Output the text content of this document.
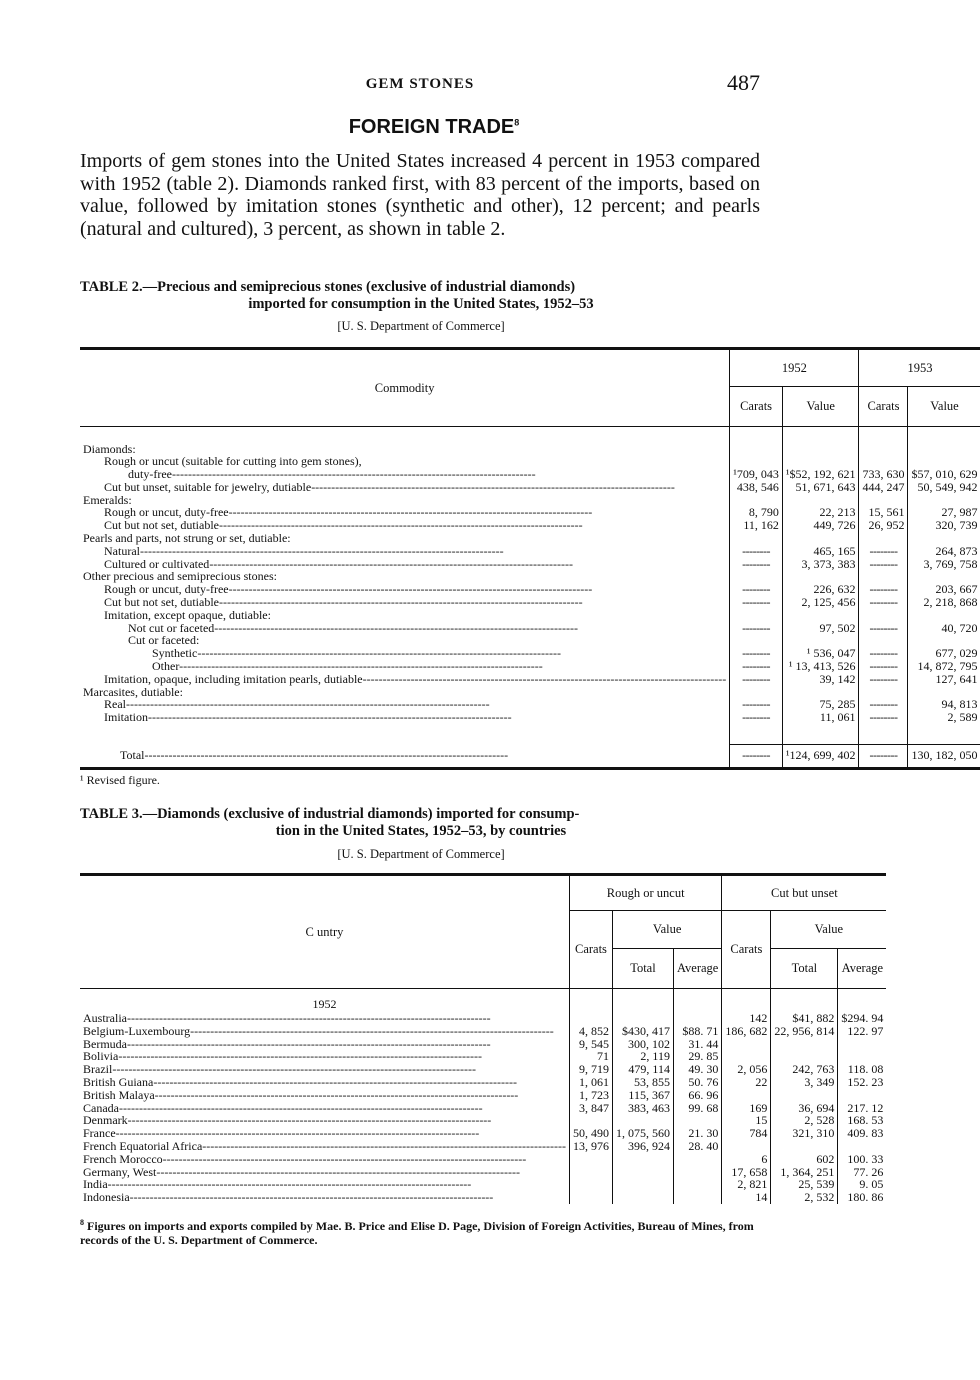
GEM STONES	487
FOREIGN TRADE$^8$
Imports of gem stones into the United States increased 4 percent in 1953 compared with 1952 (table 2). Diamonds ranked first, with 83 percent of the imports, based on value, followed by imitation stones (synthetic and other), 12 percent; and pearls (natural and cultured), 3 percent, as shown in table 2.
TABLE 2.—Precious and semiprecious stones (exclusive of industrial diamonds)
imported for consumption in the United States, 1952–53
[U. S. Department of Commerce]
Commodity	1952		1953	
	Carats	Value	Carats	Value

Diamonds:				
Rough or uncut (suitable for cutting into gem stones),				
duty-free -----	¹709, 043	¹$52, 192, 621	733, 630	$57, 010, 629
Cut but unset, suitable for jewelry, dutiable -----	438, 546	51, 671, 643	444, 247	50, 549, 942
Emeralds:				
Rough or uncut, duty-free -----	8, 790	22, 213	15, 561	27, 987
Cut but not set, dutiable -----	11, 162	449, 726	26, 952	320, 739
Pearls and parts, not strung or set, dutiable:				
Natural -----	--------	465, 165	--------	264, 873
Cultured or cultivated -----	--------	3, 373, 383	--------	3, 769, 758
Other precious and semiprecious stones:				
Rough or uncut, duty-free -----	--------	226, 632	--------	203, 667
Cut but not set, dutiable -----	--------	2, 125, 456	--------	2, 218, 868
Imitation, except opaque, dutiable:				
Not cut or faceted -----	--------	97, 502	--------	40, 720
Cut or faceted:				
Synthetic -----	--------	¹ 536, 047	--------	677, 029
Other -----	--------	¹ 13, 413, 526	--------	14, 872, 795
Imitation, opaque, including imitation pearls, dutiable -----	--------	39, 142	--------	127, 641
Marcasites, dutiable:				
Real -----	--------	75, 285	--------	94, 813
Imitation -----	--------	11, 061	--------	2, 589

Total -----	--------	¹124, 699, 402	--------	130, 182, 050
¹ Revised figure.
TABLE 3.—Diamonds (exclusive of industrial diamonds) imported for consump-
tion in the United States, 1952–53, by countries
[U. S. Department of Commerce]
C untry	Rough or uncut			Cut but unset		
	Carats	Value		Carats	Value	
		Total	Average		Total	Average
1952						
Australia -----				142	$41, 882	$294. 94
Belgium-Luxembourg -----	4, 852	$430, 417	$88. 71	186, 682	22, 956, 814	122. 97
Bermuda -----	9, 545	300, 102	31. 44			
Bolivia -----	71	2, 119	29. 85			
Brazil -----	9, 719	479, 114	49. 30	2, 056	242, 763	118. 08
British Guiana -----	1, 061	53, 855	50. 76	22	3, 349	152. 23
British Malaya -----	1, 723	115, 367	66. 96			
Canada -----	3, 847	383, 463	99. 68	169	36, 694	217. 12
Denmark -----				15	2, 528	168. 53
France -----	50, 490	1, 075, 560	21. 30	784	321, 310	409. 83
French Equatorial Africa -----	13, 976	396, 924	28. 40			
French Morocco -----				6	602	100. 33
Germany, West -----				17, 658	1, 364, 251	77. 26
India -----				2, 821	25, 539	9. 05
Indonesia -----				14	2, 532	180. 86
$^8$ Figures on imports and exports compiled by Mae. B. Price and Elise D. Page, Division of Foreign Activities, Bureau of Mines, from records of the U. S. Department of Commerce.
